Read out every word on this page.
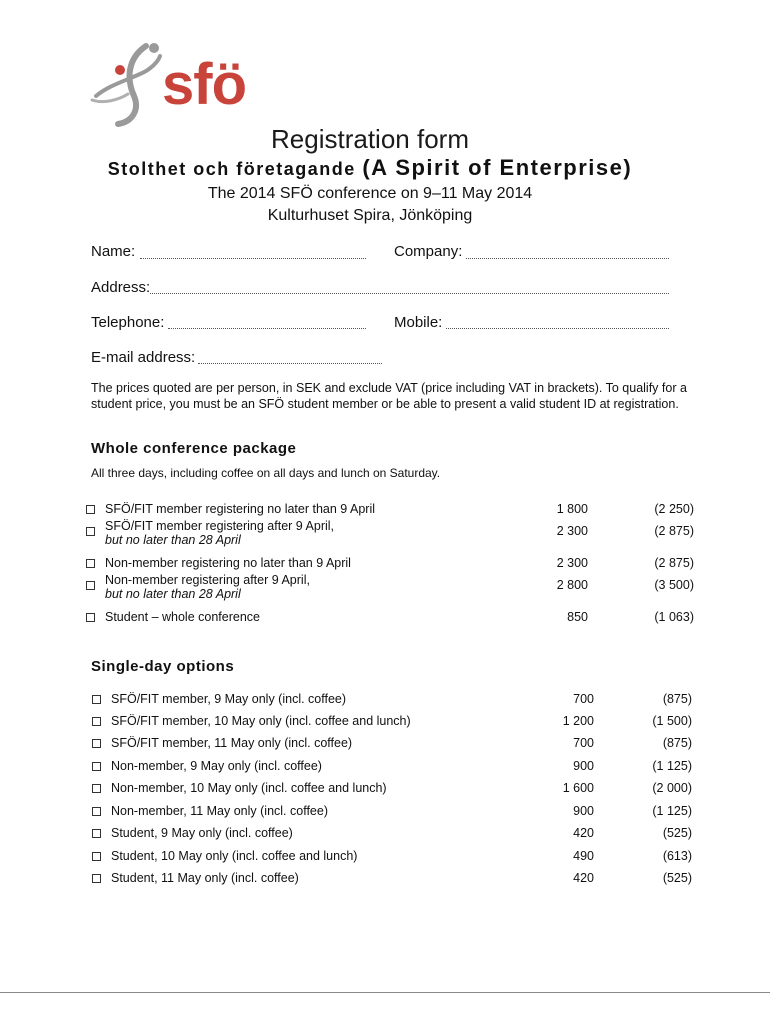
sfö
Registration form
Stolthet och företagande (A Spirit of Enterprise)
The 2014 SFÖ conference on 9–11 May 2014
Kulturhuset Spira, Jönköping
Name:	Company:
Address:
Telephone:	Mobile:
E-mail address:
The prices quoted are per person, in SEK and exclude VAT (price including VAT in brackets). To qualify for a student price, you must be an SFÖ student member or be able to present a valid student ID at registration.
Whole conference package
All three days, including coffee on all days and lunch on Saturday.
SFÖ/FIT member registering no later than 9 April	1 800	(2 250)
SFÖ/FIT member registering after 9 April,
but no later than 28 April
2 300	(2 875)
Non-member registering no later than 9 April	2 300	(2 875)
Non-member registering after 9 April,
but no later than 28 April
2 800	(3 500)
Student – whole conference	850	(1 063)
Single-day options
SFÖ/FIT member, 9 May only (incl. coffee)	700	(875)
SFÖ/FIT member, 10 May only (incl. coffee and lunch)	1 200	(1 500)
SFÖ/FIT member, 11 May only (incl. coffee)	700	(875)
Non-member, 9 May only (incl. coffee)	900	(1 125)
Non-member, 10 May only (incl. coffee and lunch)	1 600	(2 000)
Non-member, 11 May only (incl. coffee)	900	(1 125)
Student, 9 May only (incl. coffee)	420	(525)
Student, 10 May only (incl. coffee and lunch)	490	(613)
Student, 11 May only (incl. coffee)	420	(525)
